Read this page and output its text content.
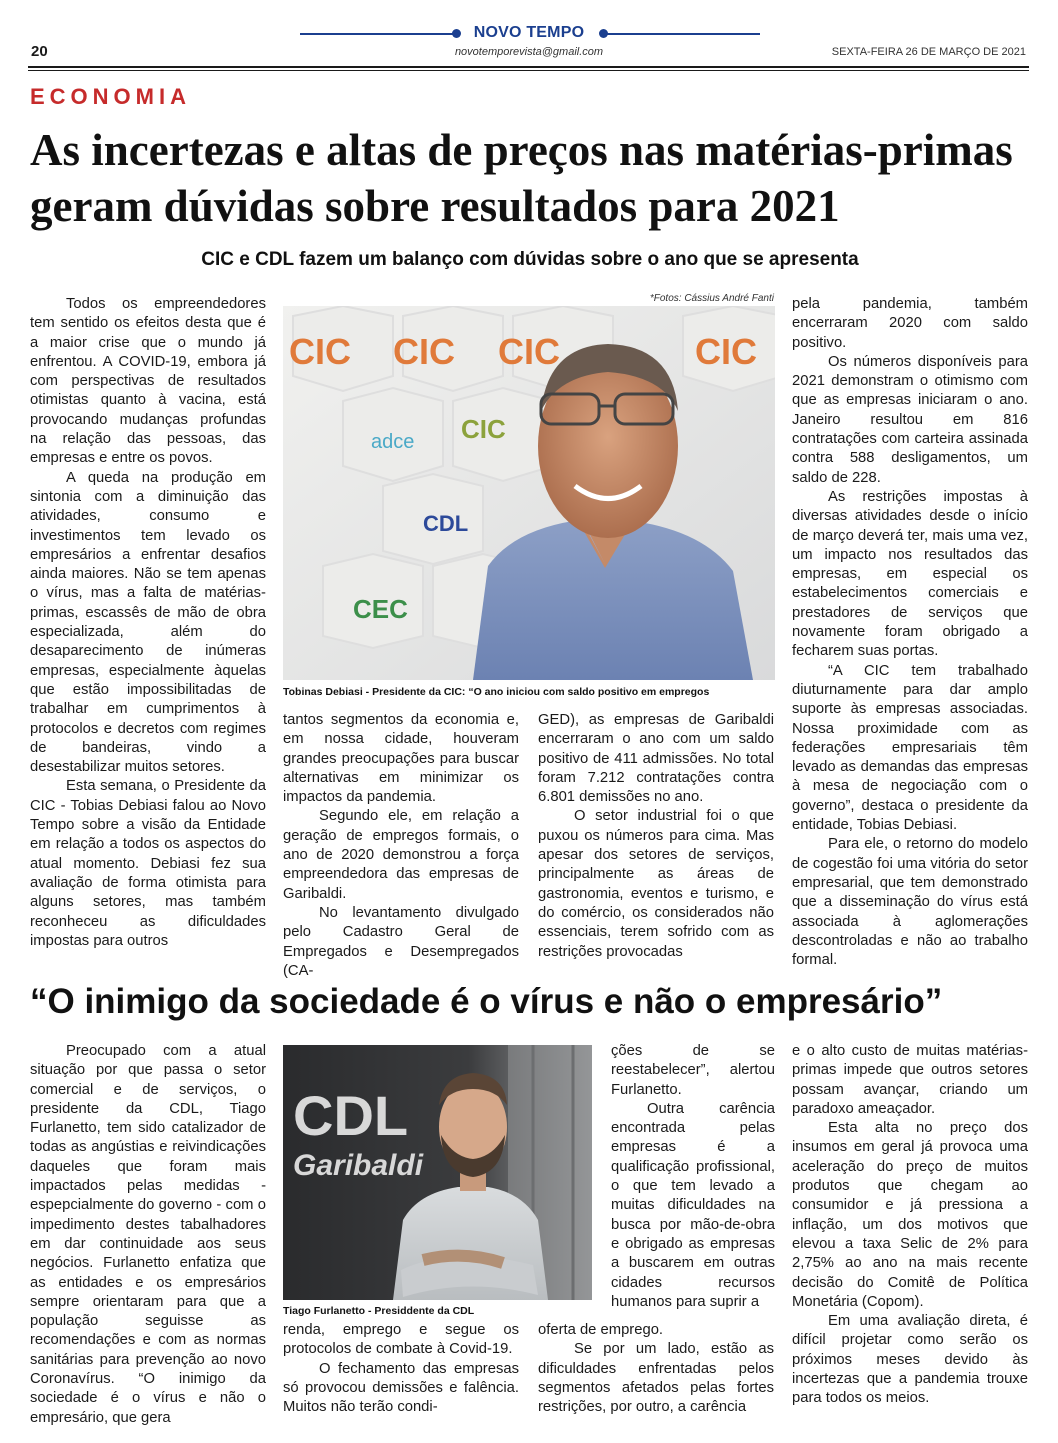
NOVO TEMPO
novotemporevista@gmail.com
20	SEXTA-FEIRA 26 DE MARÇO DE 2021
ECONOMIA
As incertezas e altas de preços nas matérias-primas geram dúvidas sobre resultados para 2021
CIC e CDL fazem um balanço com dúvidas sobre o ano que se apresenta

Todos os empreendedores tem sentido os efeitos desta que é a maior crise que o mundo já enfrentou. A COVID-19, embora já com perspectivas de resultados otimistas quanto à vacina, está provocando mudanças profundas na relação das pessoas, das empresas e entre os povos.

A queda na produção em sintonia com a diminuição das atividades, consumo e investimentos tem levado os empresários a enfrentar desafios ainda maiores. Não se tem apenas o vírus, mas a falta de matérias-primas, escassês de mão de obra especializada, além do desaparecimento de inúmeras empresas, especialmente àquelas que estão impossibilitadas de trabalhar em cumprimentos à protocolos e decretos com regimes de bandeiras, vindo a desestabilizar muitos setores.

Esta semana, o Presidente da CIC - Tobias Debiasi falou ao Novo Tempo sobre a visão da Entidade em relação a todos os aspectos do atual momento. Debiasi fez sua avaliação de forma otimista para alguns setores, mas também reconheceu as dificuldades impostas para outros

*Fotos: Cássius André Fanti
CIC CIC CIC	CIC
adce CIC
CDL
CEC
Tobinas Debiasi - Presidente da CIC: “O ano iniciou com saldo positivo em empregos

tantos segmentos da economia e, em nossa cidade, houveram grandes preocupações para buscar alternativas em minimizar os impactos da pandemia.

Segundo ele, em relação a geração de empregos formais, o ano de 2020 demonstrou a força empreendedora das empresas de Garibaldi.

No levantamento divulgado pelo Cadastro Geral de Empregados e Desempregados (CA-

GED), as empresas de Garibaldi encerraram o ano com um saldo positivo de 411 admissões. No total foram 7.212 contratações contra 6.801 demissões no ano.

O setor industrial foi o que puxou os números para cima. Mas apesar dos setores de serviços, principalmente as áreas de gastronomia, eventos e turismo, e do comércio, os considerados não essenciais, terem sofrido com as restrições provocadas

pela pandemia, também encerraram 2020 com saldo positivo.

Os números disponíveis para 2021 demonstram o otimismo com que as empresas iniciaram o ano. Janeiro resultou em 816 contratações com carteira assinada contra 588 desligamentos, um saldo de 228.

As restrições impostas à diversas atividades desde o início de março deverá ter, mais uma vez, um impacto nos resultados das empresas, em especial os estabelecimentos comerciais e prestadores de serviços que novamente foram obrigado a fecharem suas portas.

“A CIC tem trabalhado diuturnamente para dar amplo suporte às empresas associadas. Nossa proximidade com as federações empresariais têm levado as demandas das empresas à mesa de negociação com o governo”, destaca o presidente da entidade, Tobias Debiasi.

Para ele, o retorno do modelo de cogestão foi uma vitória do setor empresarial, que tem demonstrado que a disseminação do vírus está associada à aglomerações descontroladas e não ao trabalho formal.

“O inimigo da sociedade é o vírus e não o empresário”

Preocupado com a atual situação por que passa o setor comercial e de serviços, o presidente da CDL, Tiago Furlanetto, tem sido catalizador de todas as angústias e reivindicações daqueles que foram mais impactados pelas medidas - espepcialmente do governo - com o impedimento destes tabalhadores em dar continuidade aos seus negócios. Furlanetto enfatiza que as entidades e os empresários sempre orientaram para que a população seguisse as recomendações e com as normas sanitárias para prevenção ao novo Coronavírus. “O inimigo da sociedade é o vírus e não o empresário, que gera

CDL
Garibaldi
Tiago Furlanetto - Presiddente da CDL

renda, emprego e segue os protocolos de combate à Covid-19.

O fechamento das empresas só provocou demissões e falência. Muitos não terão condi-

ções de se reestabelecer”, alertou Furlanetto.

Outra carência encontrada pelas empresas é a qualificação profissional, o que tem levado a muitas dificuldades na busca por mão-de-obra e obrigado as empresas a buscarem em outras cidades recursos humanos para suprir a

oferta de emprego.

Se por um lado, estão as dificuldades enfrentadas pelos segmentos afetados pelas fortes restrições, por outro, a carência

e o alto custo de muitas matérias-primas impede que outros setores possam avançar, criando um paradoxo ameaçador.

Esta alta no preço dos insumos em geral já provoca uma aceleração do preço de muitos produtos que chegam ao consumidor e já pressiona a inflação, um dos motivos que elevou a taxa Selic de 2% para 2,75% ao ano na mais recente decisão do Comitê de Política Monetária (Copom).

Em uma avaliação direta, é difícil projetar como serão os próximos meses devido às incertezas que a pandemia trouxe para todos os meios.
